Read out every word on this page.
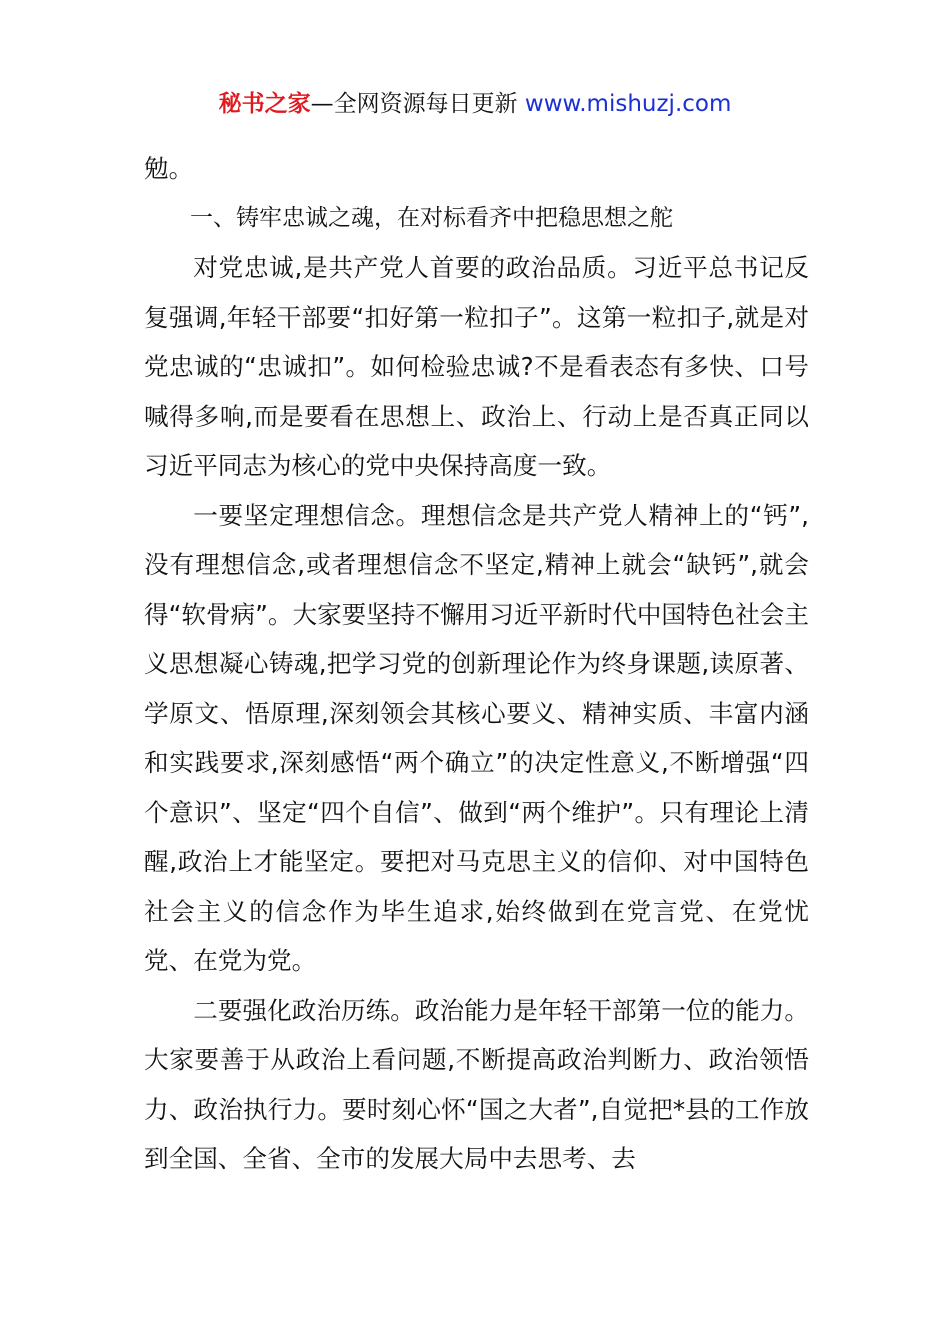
秘书之家—全网资源每日更新 www.mishuzj.com

勉。

一、铸牢忠诚之魂，在对标看齐中把稳思想之舵

对党忠诚,是共产党人首要的政治品质。习近平总书记反复强调,年轻干部要“扣好第一粒扣子”。这第一粒扣子,就是对党忠诚的“忠诚扣”。如何检验忠诚?不是看表态有多快、口号喊得多响,而是要看在思想上、政治上、行动上是否真正同以习近平同志为核心的党中央保持高度一致。

一要坚定理想信念。理想信念是共产党人精神上的“钙”,没有理想信念,或者理想信念不坚定,精神上就会“缺钙”,就会得“软骨病”。大家要坚持不懈用习近平新时代中国特色社会主义思想凝心铸魂,把学习党的创新理论作为终身课题,读原著、学原文、悟原理,深刻领会其核心要义、精神实质、丰富内涵和实践要求,深刻感悟“两个确立”的决定性意义,不断增强“四个意识”、坚定“四个自信”、做到“两个维护”。只有理论上清醒,政治上才能坚定。要把对马克思主义的信仰、对中国特色社会主义的信念作为毕生追求,始终做到在党言党、在党忧党、在党为党。

二要强化政治历练。政治能力是年轻干部第一位的能力。大家要善于从政治上看问题,不断提高政治判断力、政治领悟力、政治执行力。要时刻心怀“国之大者”,自觉把*县的工作放到全国、全省、全市的发展大局中去思考、去
